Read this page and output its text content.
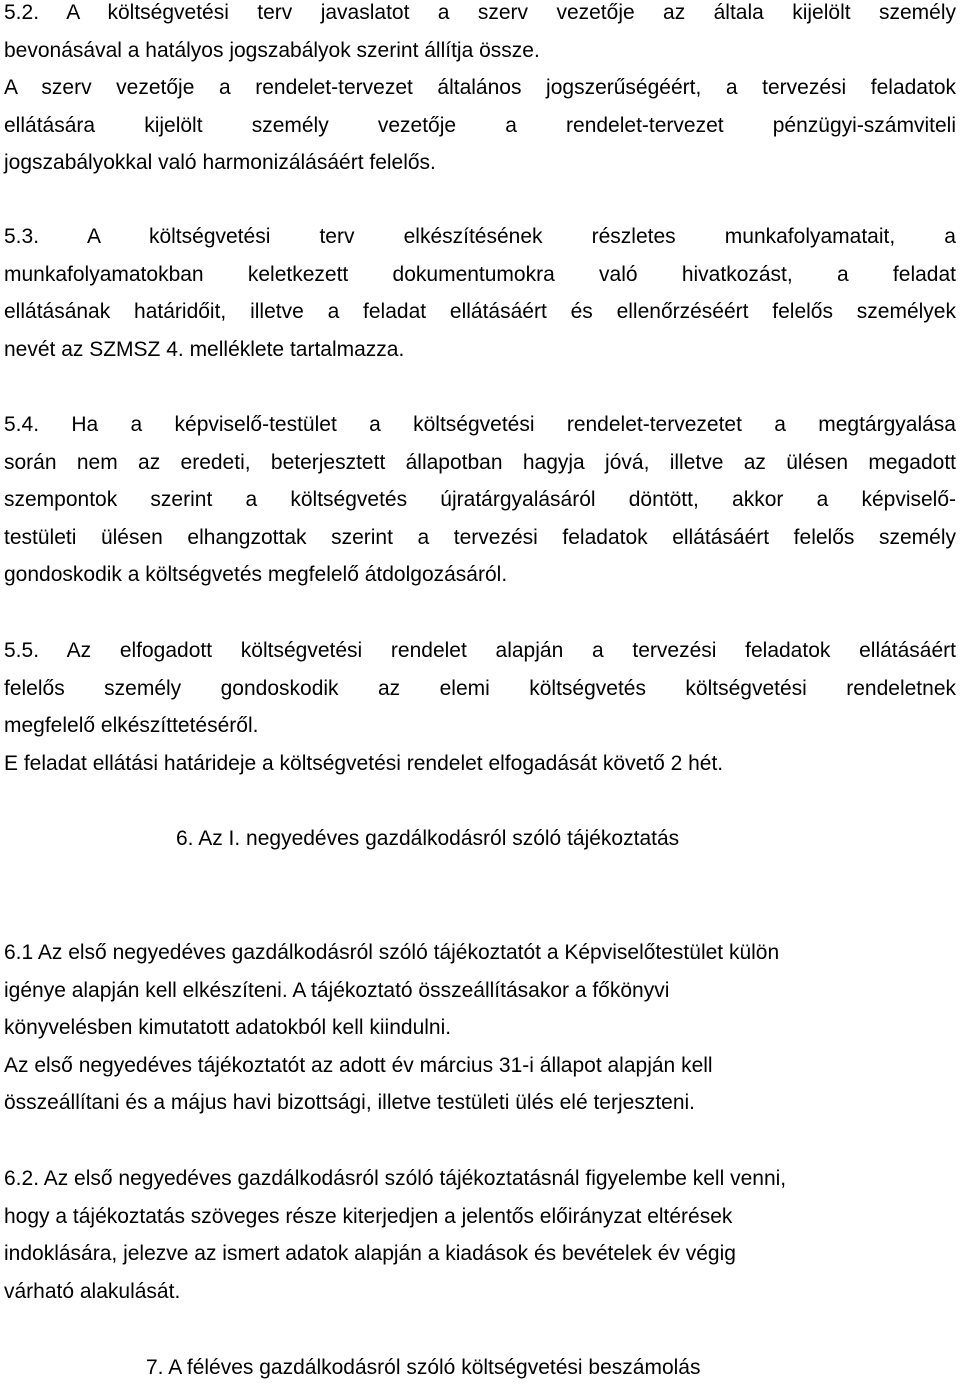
5.2. A költségvetési terv javaslatot a szerv vezetője az általa kijelölt személy
bevonásával a hatályos jogszabályok szerint állítja össze.
A szerv vezetője a rendelet-tervezet általános jogszerűségéért, a tervezési feladatok
ellátására kijelölt személy vezetője a rendelet-tervezet pénzügyi-számviteli
jogszabályokkal való harmonizálásáért felelős.
5.3. A költségvetési terv elkészítésének részletes munkafolyamatait, a
munkafolyamatokban keletkezett dokumentumokra való hivatkozást, a feladat
ellátásának határidőit, illetve a feladat ellátásáért és ellenőrzéséért felelős személyek
nevét az SZMSZ 4. melléklete tartalmazza.
5.4. Ha a képviselő-testület a költségvetési rendelet-tervezetet a megtárgyalása
során nem az eredeti, beterjesztett állapotban hagyja jóvá, illetve az ülésen megadott
szempontok szerint a költségvetés újratárgyalásáról döntött, akkor a képviselő-
testületi ülésen elhangzottak szerint a tervezési feladatok ellátásáért felelős személy
gondoskodik a költségvetés megfelelő átdolgozásáról.
5.5. Az elfogadott költségvetési rendelet alapján a tervezési feladatok ellátásáért
felelős személy gondoskodik az elemi költségvetés költségvetési rendeletnek
megfelelő elkészíttetéséről.
E feladat ellátási határideje a költségvetési rendelet elfogadását követő 2 hét.
6. Az I. negyedéves gazdálkodásról szóló tájékoztatás
6.1 Az első negyedéves gazdálkodásról szóló tájékoztatót a Képviselőtestület külön
igénye alapján kell elkészíteni. A tájékoztató összeállításakor a főkönyvi
könyvelésben kimutatott adatokból kell kiindulni.
Az első negyedéves tájékoztatót az adott év március 31-i állapot alapján kell
összeállítani és a május havi bizottsági, illetve testületi ülés elé terjeszteni.
6.2. Az első negyedéves gazdálkodásról szóló tájékoztatásnál figyelembe kell venni,
hogy a tájékoztatás szöveges része kiterjedjen a jelentős előirányzat eltérések
indoklására, jelezve az ismert adatok alapján a kiadások és bevételek év végig
várható alakulását.
7. A féléves gazdálkodásról szóló költségvetési beszámolás
